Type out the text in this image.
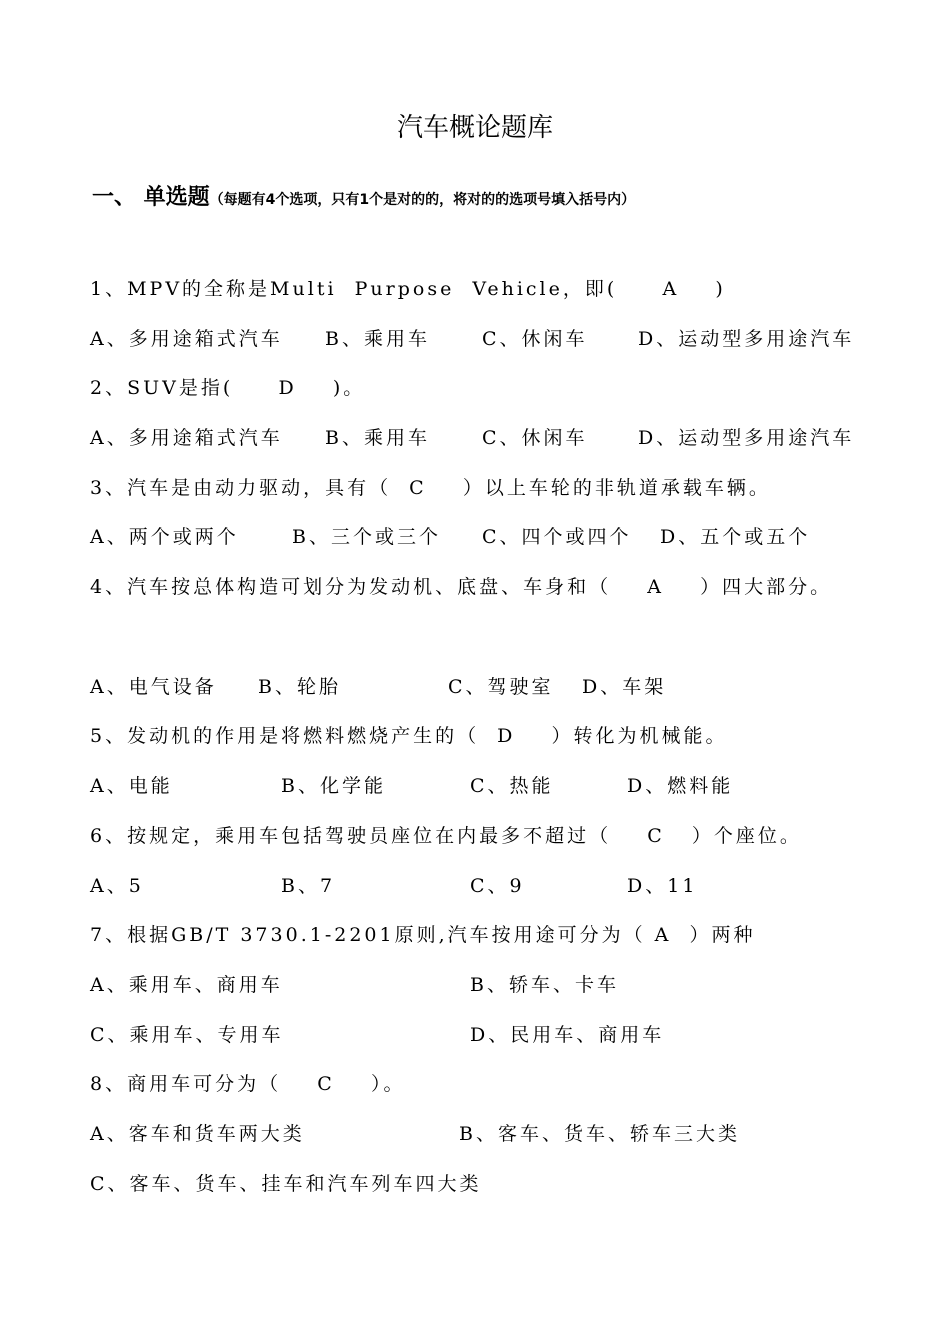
汽车概论题库
一、 单选题（每题有4个选项，只有1个是对的的，将对的的选项号填入括号内）
1、MPV的全称是Multi  Purpose  Vehicle，即(     A    )
A、多用途箱式汽车 B、乘用车	C、休闲车	D、运动型多用途汽车
2、SUV是指(     D    )。
A、多用途箱式汽车 B、乘用车	C、休闲车	D、运动型多用途汽车
3、汽车是由动力驱动，具有（  C    ）以上车轮的非轨道承载车辆。
A、两个或两个	B、三个或三个 C、四个或四个 D、五个或五个
4、汽车按总体构造可划分为发动机、底盘、车身和（    A    ）四大部分。
A、电气设备 B、轮胎	C、驾驶室 D、车架
5、发动机的作用是将燃料燃烧产生的（  D    ）转化为机械能。
A、电能	B、化学能	C、热能	D、燃料能
6、按规定，乘用车包括驾驶员座位在内最多不超过（    C   ）个座位。
A、5	B、7	C、9	D、11
7、根据GB/T 3730.1-2201原则,汽车按用途可分为（ A  ）两种
A、乘用车、商用车	B、轿车、卡车
C、乘用车、专用车	D、民用车、商用车
8、商用车可分为（    C    ）。
A、客车和货车两大类	B、客车、货车、轿车三大类
C、客车、货车、挂车和汽车列车四大类
